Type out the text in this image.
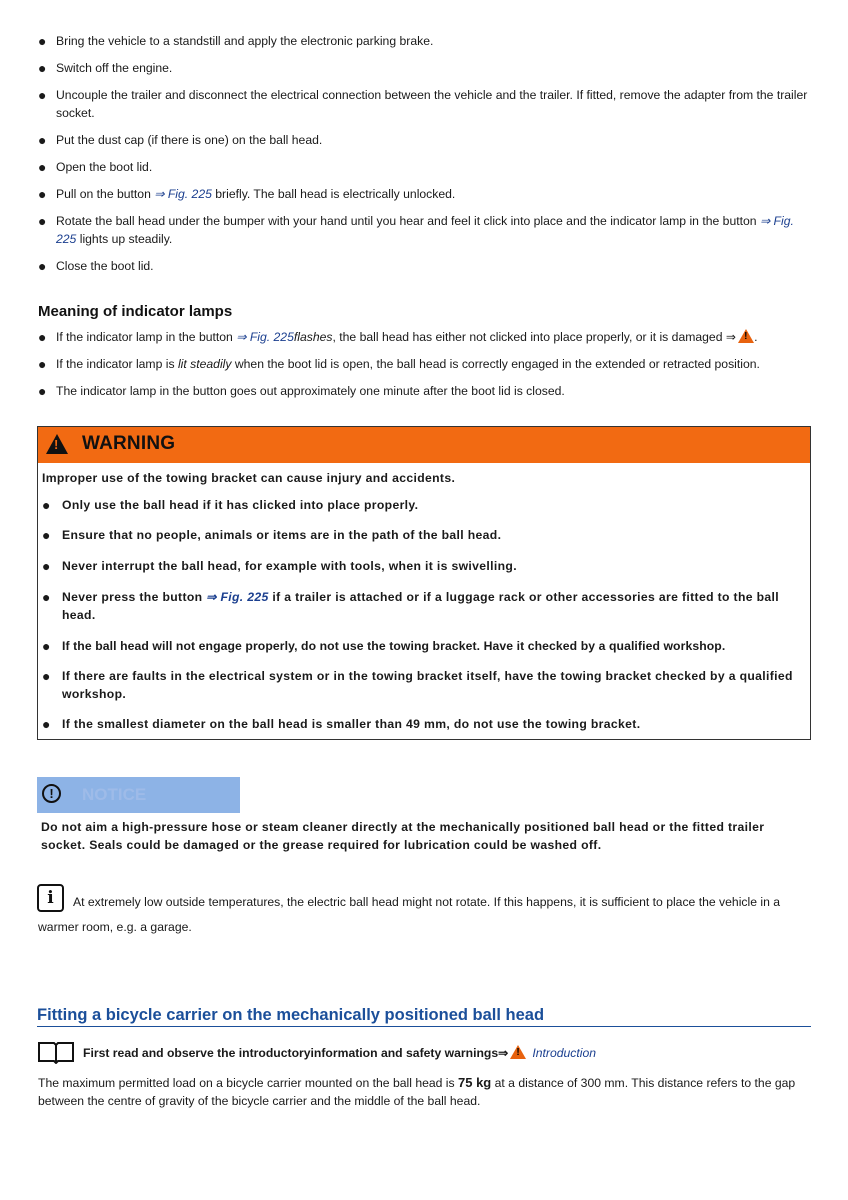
● Bring the vehicle to a standstill and apply the electronic parking brake.
● Switch off the engine.
● Uncouple the trailer and disconnect the electrical connection between the vehicle and the trailer. If fitted, remove the adapter from the trailer socket.
● Put the dust cap (if there is one) on the ball head.
● Open the boot lid.
● Pull on the button ⇒ Fig. 225 briefly. The ball head is electrically unlocked.
● Rotate the ball head under the bumper with your hand until you hear and feel it click into place and the indicator lamp in the button ⇒ Fig. 225 lights up steadily.
● Close the boot lid.
Meaning of indicator lamps
● If the indicator lamp in the button ⇒ Fig. 225flashes, the ball head has either not clicked into place properly, or it is damaged ⇒ ! .
● If the indicator lamp is lit steadily when the boot lid is open, the ball head is correctly engaged in the extended or retracted position.
● The indicator lamp in the button goes out approximately one minute after the boot lid is closed.
!
WARNING
Improper use of the towing bracket can cause injury and accidents.
● Only use the ball head if it has clicked into place properly.
● Ensure that no people, animals or items are in the path of the ball head.
● Never interrupt the ball head, for example with tools, when it is swivelling.
● Never press the button ⇒ Fig. 225 if a trailer is attached or if a luggage rack or other accessories are fitted to the ball head.
● If the ball head will not engage properly, do not use the towing bracket. Have it checked by a qualified workshop.
● If there are faults in the electrical system or in the towing bracket itself, have the towing bracket checked by a qualified workshop.
● If the smallest diameter on the ball head is smaller than 49 mm, do not use the towing bracket.
!	NOTICE
Do not aim a high-pressure hose or steam cleaner directly at the mechanically positioned ball head or the fitted trailer socket. Seals could be damaged or the grease required for lubrication could be washed off.
i	At extremely low outside temperatures, the electric ball head might not rotate. If this happens, it is sufficient to place the vehicle in a warmer room, e.g. a garage.
Fitting a bicycle carrier on the mechanically positioned ball head
First read and observe the introductoryinformation and safety warnings⇒ ! Introduction
The maximum permitted load on a bicycle carrier mounted on the ball head is 75 kg at a distance of 300 mm. This distance refers to the gap between the centre of gravity of the bicycle carrier and the middle of the ball head.
